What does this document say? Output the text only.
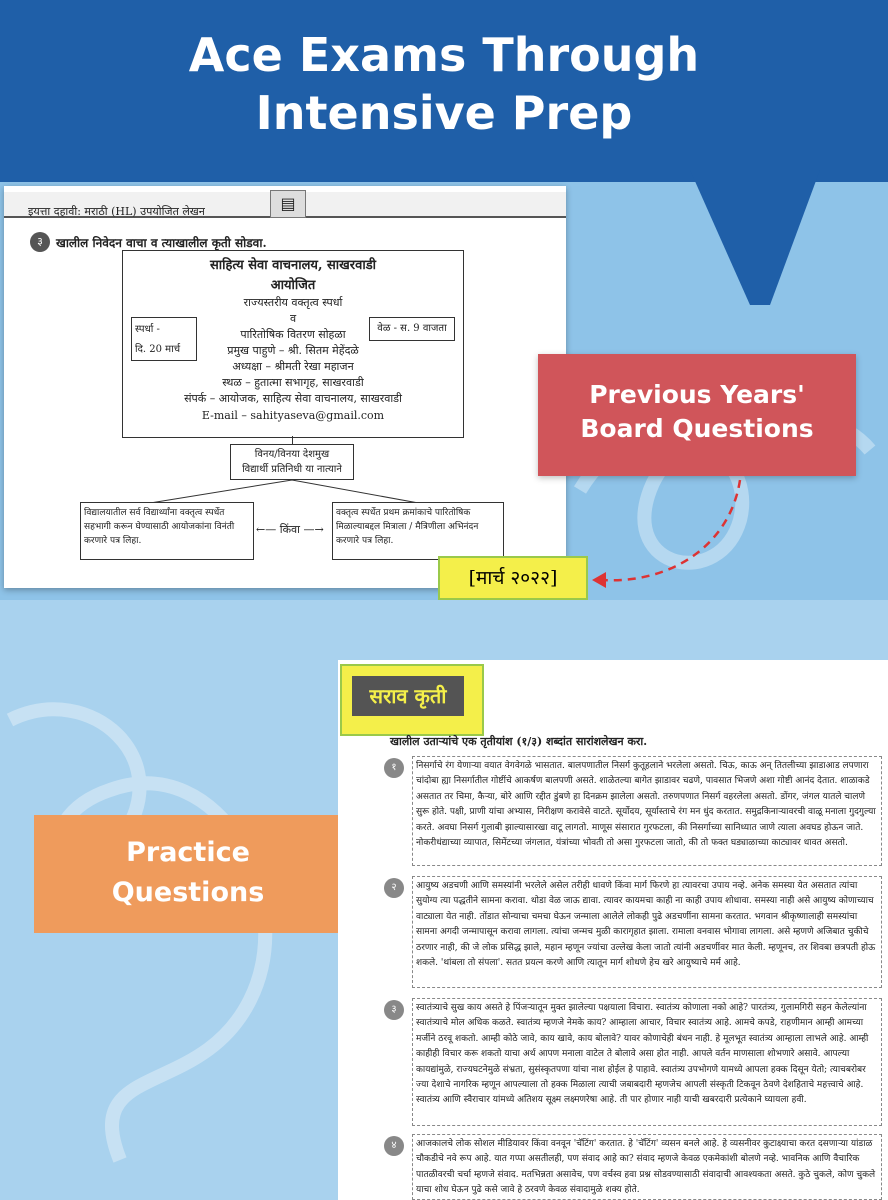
Ace Exams Through
Intensive Prep
इयत्ता दहावी: मराठी (HL) उपयोजित लेखन	▤
३	खालील निवेदन वाचा व त्याखालील कृती सोडवा.
साहित्य सेवा वाचनालय, साखरवाडी
आयोजित
राज्यस्तरीय वक्तृत्व स्पर्धा
व
पारितोषिक वितरण सोहळा
प्रमुख पाहुणे – श्री. सितम मेहेंदळे
अध्यक्षा – श्रीमती रेखा महाजन
स्थळ – हुतात्मा सभागृह, साखरवाडी
संपर्क – आयोजक, साहित्य सेवा वाचनालय, साखरवाडी
E-mail – sahityaseva@gmail.com
स्पर्धा -
दि. 20 मार्च
वेळ - स. 9 वाजता
विनय/विनया देशमुख
विद्यार्थी प्रतिनिधी या नात्याने
विद्यालयातील सर्व विद्यार्थ्यांना वक्तृत्व स्पर्धेत सहभागी करून घेण्यासाठी आयोजकांना विनंती करणारे पत्र लिहा.
←— किंवा —→
वक्तृत्व स्पर्धेत प्रथम क्रमांकाचे पारितोषिक मिळाल्याबद्दल मित्राला / मैत्रिणीला अभिनंदन करणारे पत्र लिहा.
[मार्च २०२२]
Previous Years'
Board Questions
Practice
Questions
सराव कृती
खालील उताऱ्यांचे एक तृतीयांश (१/३) शब्दांत सारांशलेखन करा.
१	निसर्गाचे रंग येणाऱ्या वयात वेगवेगळे भासतात. बालपणातील निसर्ग कुतूहलाने भरलेला असतो. चिऊ, काऊ अन् तितलीच्या झाडाआड लपणारा चांदोबा ह्या निसर्गातील गोष्टींचे आकर्षण बालपणी असते. शाळेतल्या बागेत झाडावर चढणे, पावसात भिजणे अशा गोष्टी आनंद देतात. शाळाकडे असतात तर चिमा, कैऱ्या, बोरे आणि रद्दीत डुंबणे हा दिनक्रम झालेला असतो. तरुणपणात निसर्ग वहरलेला असतो. डोंगर, जंगल यातले चालणे सुरू होते. पक्षी, प्राणी यांचा अभ्यास, निरीक्षण करावेसे वाटते. सूर्योदय, सूर्यास्ताचे रंग मन धुंद करतात. समुद्रकिनाऱ्यावरची वाळू मनाला गुदगुल्या करते. अवघा निसर्ग गुलाबी झाल्यासारखा वाटू लागतो. माणूस संसारात गुरफटला, की निसर्गाच्या सानिध्यात जाणे त्याला अवघड होऊन जाते. नोकरीधंद्याच्या व्यापात, सिमेंटच्या जंगलात, यंत्रांच्या भोवती तो असा गुरफटला जातो, की तो फक्त घड्याळाच्या काट्यावर धावत असतो.
२	आयुष्य अडचणी आणि समस्यांनी भरलेले असेल तरीही धावणे किंवा मार्ग फिरणे हा त्यावरचा उपाय नव्हे. अनेक समस्या येत असतात त्यांचा सुयोग्य त्या पद्धतीने सामना करावा. थोडा वेळ जाऊ द्यावा. त्यावर कायमचा काही ना काही उपाय शोधावा. समस्या नाही असे आयुष्य कोणाच्याच वाट्याला येत नाही. तोंडात सोन्याचा चमचा घेऊन जन्माला आलेले लोकही पुढे अडचणींना सामना करतात. भगवान श्रीकृष्णालाही समस्यांचा सामना अगदी जन्मापासून करावा लागला. त्यांचा जन्मच मुळी कारागृहात झाला. रामाला वनवास भोगावा लागला. असे म्हणणे अजिबात चुकीचे ठरणार नाही, की जे लोक प्रसिद्ध झाले, महान म्हणून ज्यांचा उल्लेख केला जातो त्यांनी अडचणींवर मात केली. म्हणूनच, तर शिवबा छत्रपती होऊ शकले. 'थांबला तो संपला'. सतत प्रयत्न करणे आणि त्यातून मार्ग शोधणे हेच खरे आयुष्याचे मर्म आहे.
३	स्वातंत्र्याचे सुख काय असते हे पिंजऱ्यातून मुक्त झालेल्या पक्षयाला विचारा. स्वातंत्र्य कोणाला नको आहे? पारतंत्र्य, गुलामगिरी सहन केलेल्यांना स्वातंत्र्याचे मोल अधिक कळते. स्वातंत्र्य म्हणजे नेमके काय? आम्हाला आचार, विचार स्वातंत्र्य आहे. आमचे कपडे, राहणीमान आम्ही आमच्या मर्जीने ठरवू शकतो. आम्ही कोठे जावे, काय खावे, काय बोलावे? यावर कोणाचेही बंधन नाही. हे मूलभूत स्वातंत्र्य आम्हाला लाभले आहे. आम्ही काहीही विचार करू शकतो याचा अर्थ आपण मनाला वाटेल ते बोलावे असा होत नाही. आपले वर्तन माणसाला शोभणारे असावे. आपल्या कायद्यांमुळे, राज्यघटनेमुळे संभ्रता, सुसंस्कृतपणा यांचा नाश होईल हे पाहावे. स्वातंत्र्य उपभोगणे यामध्ये आपला हक्क दिसून येतो; त्याचबरोबर ज्या देशाचे नागरिक म्हणून आपल्याला तो हक्क मिळाला त्याची जबाबदारी म्हणजेच आपली संस्कृती टिकवून ठेवणे देशहिताचे महत्त्वाचे आहे. स्वातंत्र्य आणि स्वैराचार यांमध्ये अतिशय सूक्ष्म लक्ष्मणरेषा आहे. ती पार होणार नाही याची खबरदारी प्रत्येकाने घ्यायला हवी.
४	आजकालचे लोक सोशल मीडियावर किंवा वनवून 'चॅटिंग' करतात. हे 'चॅटिंग' व्यसन बनले आहे. हे व्यसनीवर कुटाक्ष्याचा करत दसणाऱ्या यांडाळ चौकडीचे नवे रूप आहे. यात गप्पा असतीलही, पण संवाद आहे का? संवाद म्हणजे केवळ एकमेकांशी बोलणे नव्हे. भावनिक आणि वैचारिक पातळीवरची चर्चा म्हणजे संवाद. मतभिन्नता असावेच, पण वर्चस्व हवा प्रश्न सोडवण्यासाठी संवादाची आवश्यकता असते. कुठे चुकले, कोण चुकले याचा शोध घेऊन पुढे कसे जावे हे ठरवणे केवळ संवादामुळे शक्य होते.
